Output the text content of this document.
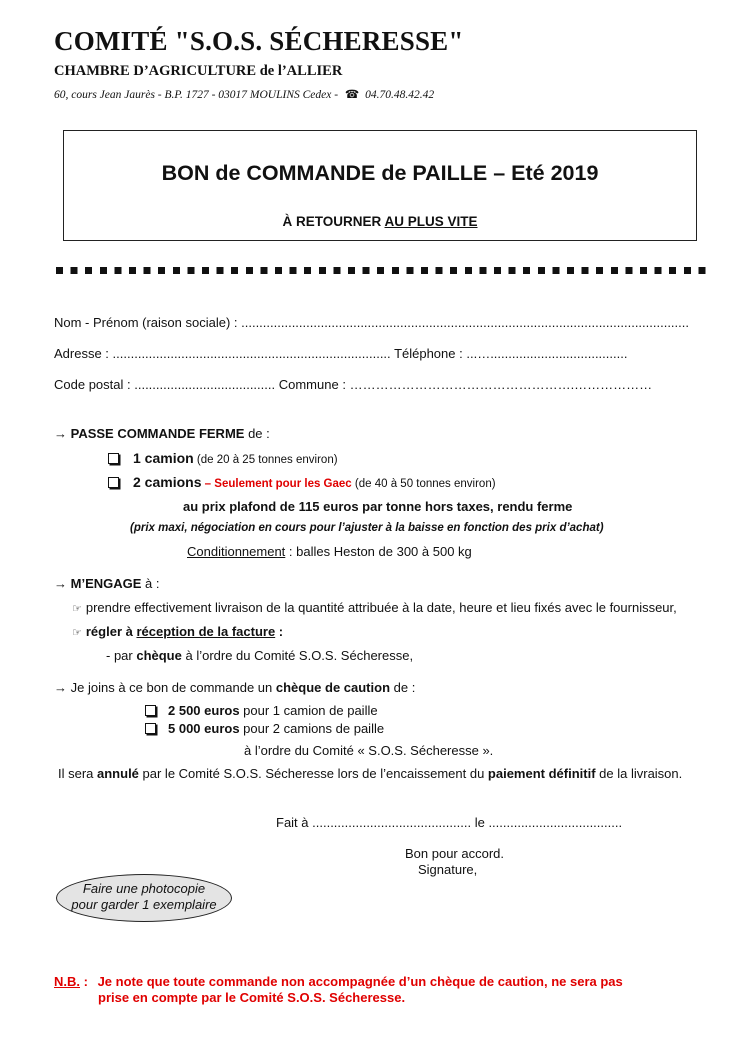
COMITÉ "S.O.S. SÉCHERESSE"
CHAMBRE D’AGRICULTURE de l’ALLIER
60, cours Jean Jaurès - B.P. 1727 - 03017 MOULINS Cedex - ☎ 04.70.48.42.42
BON de COMMANDE de PAILLE – Eté 2019
À RETOURNER AU PLUS VITE
Nom - Prénom (raison sociale) : ............................................................................................................................
Adresse : ............................................................................. Téléphone : ...…......................................
Code postal : ....................................... Commune : …………………………………………….………………
→ PASSE COMMANDE FERME de :
1 camion (de 20 à 25 tonnes environ)
2 camions – Seulement pour les Gaec (de 40 à 50 tonnes environ)
au prix plafond de 115 euros par tonne hors taxes, rendu ferme
(prix maxi, négociation en cours pour l’ajuster à la baisse en fonction des prix d’achat)
Conditionnement : balles Heston de 300 à 500 kg
→ M’ENGAGE à :
☞ prendre effectivement livraison de la quantité attribuée à la date, heure et lieu fixés avec le fournisseur,
☞ régler à réception de la facture :
- par chèque à l’ordre du Comité S.O.S. Sécheresse,
→ Je joins à ce bon de commande un chèque de caution de :
2 500 euros pour 1 camion de paille
5 000 euros pour 2 camions de paille
à l’ordre du Comité « S.O.S. Sécheresse ».
Il sera annulé par le Comité S.O.S. Sécheresse lors de l’encaissement du paiement définitif de la livraison.
Fait à ............................................ le .....................................
Bon pour accord.
Signature,
Faire une photocopie
pour garder 1 exemplaire
N.B. : Je note que toute commande non accompagnée d’un chèque de caution, ne sera pas
prise en compte par le Comité S.O.S. Sécheresse.
